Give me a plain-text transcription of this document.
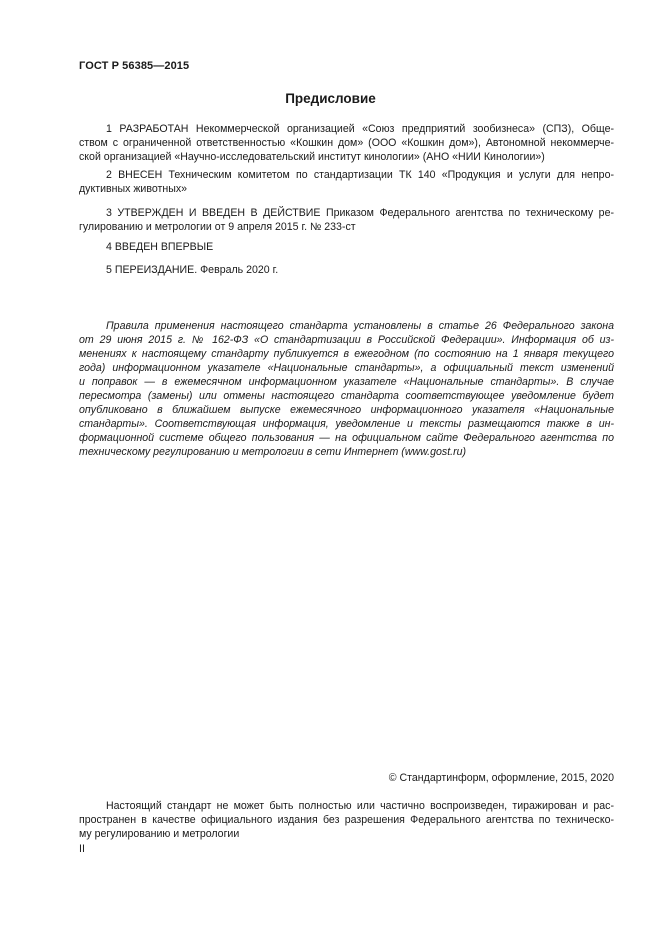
ГОСТ Р 56385—2015
Предисловие
1 РАЗРАБОТАН Некоммерческой организацией «Союз предприятий зообизнеса» (СПЗ), Обще-
ством с ограниченной ответственностью «Кошкин дом» (ООО «Кошкин дом»), Автономной некоммерче-
ской организацией «Научно-исследовательский институт кинологии» (АНО «НИИ Кинологии»)
2 ВНЕСЕН Техническим комитетом по стандартизации ТК 140 «Продукция и услуги для непро-
дуктивных животных»
3 УТВЕРЖДЕН И ВВЕДЕН В ДЕЙСТВИЕ Приказом Федерального агентства по техническому ре-
гулированию и метрологии от 9 апреля 2015 г. № 233-ст
4 ВВЕДЕН ВПЕРВЫЕ
5 ПЕРЕИЗДАНИЕ. Февраль 2020 г.
Правила применения настоящего стандарта установлены в статье 26 Федерального закона
от 29 июня 2015 г. № 162-ФЗ «О стандартизации в Российской Федерации». Информация об из-
менениях к настоящему стандарту публикуется в ежегодном (по состоянию на 1 января текущего
года) информационном указателе «Национальные стандарты», а официальный текст изменений
и поправок — в ежемесячном информационном указателе «Национальные стандарты». В случае
пересмотра (замены) или отмены настоящего стандарта соответствующее уведомление будет
опубликовано в ближайшем выпуске ежемесячного информационного указателя «Национальные
стандарты». Соответствующая информация, уведомление и тексты размещаются также в ин-
формационной системе общего пользования — на официальном сайте Федерального агентства по
техническому регулированию и метрологии в сети Интернет (www.gost.ru)
© Стандартинформ, оформление, 2015, 2020
Настоящий стандарт не может быть полностью или частично воспроизведен, тиражирован и рас-
пространен в качестве официального издания без разрешения Федерального агентства по техническо-
му регулированию и метрологии
II
